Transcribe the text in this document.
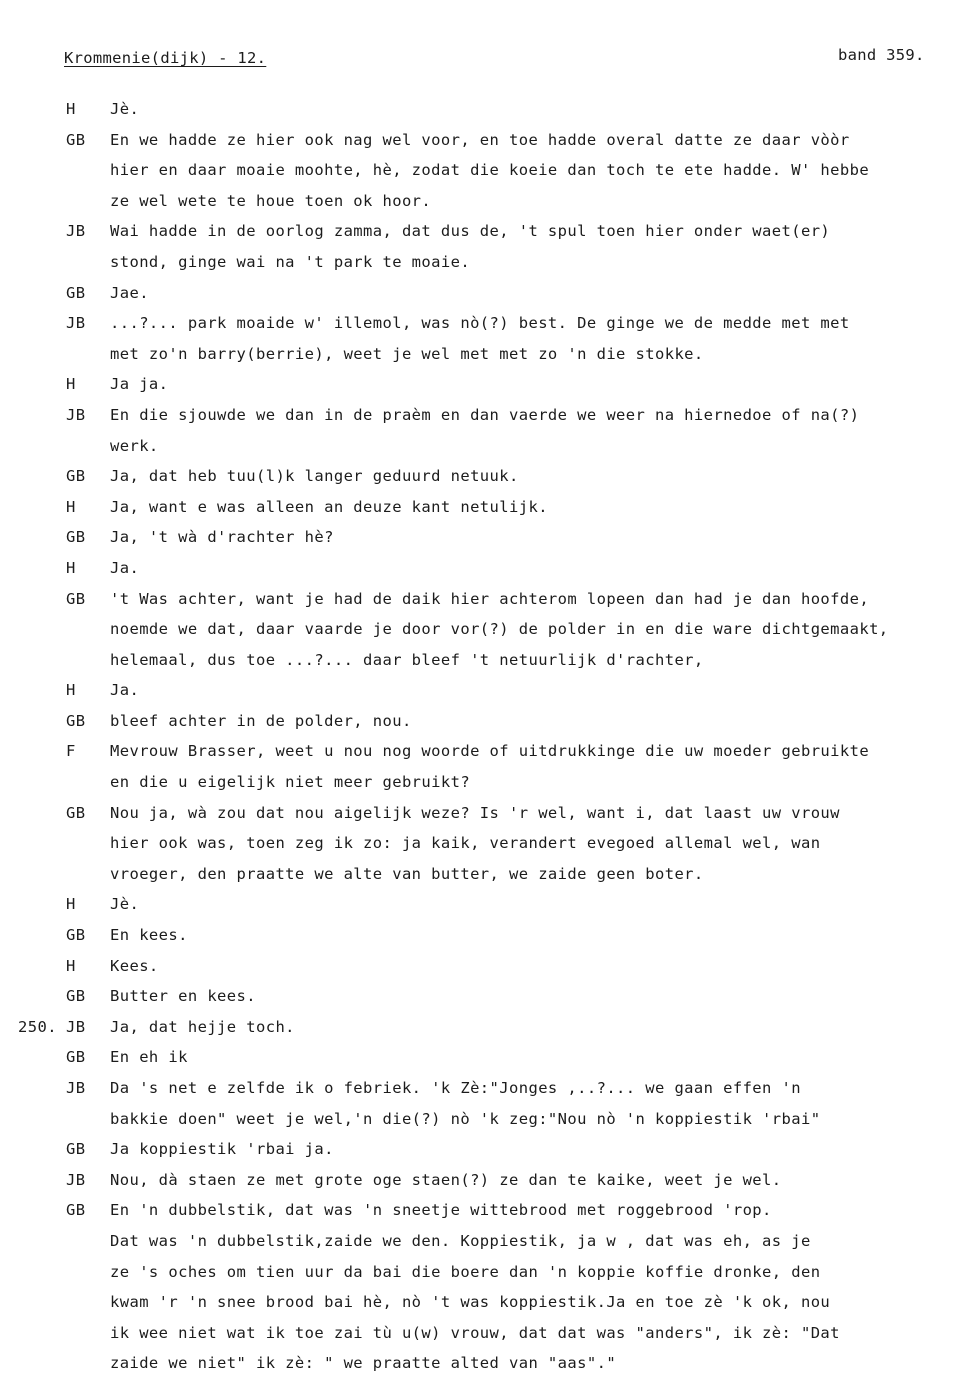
Krommenie(dijk) - 12.	band 359.
H Jè.
GB En we hadde ze hier ook nag wel voor, en toe hadde overal datte ze daar vòòr
hier en daar moaie moohte, hè, zodat die koeie dan toch te ete hadde. W' hebbe
ze wel wete te houe toen ok hoor.
JB Wai hadde in de oorlog zamma, dat dus de, 't spul toen hier onder waet(er)
stond, ginge wai na 't park te moaie.
GB Jae.
JB ...?... park moaide w' illemol, was nò(?) best. De ginge we de medde met met
met zo'n barry(berrie), weet je wel met met zo 'n die stokke.
H Ja ja.
JB En die sjouwde we dan in de praèm en dan vaerde we weer na hiernedoe of na(?)
werk.
GB Ja, dat heb tuu(l)k langer geduurd netuuk.
H Ja, want e was alleen an deuze kant netulijk.
GB Ja, 't wà d'rachter hè?
H Ja.
GB 't Was achter, want je had de daik hier achterom lopeen dan had je dan hoofde,
noemde we dat, daar vaarde je door vor(?) de polder in en die ware dichtgemaakt,
helemaal, dus toe ...?... daar bleef 't netuurlijk d'rachter,
H Ja.
GB bleef achter in de polder, nou.
F Mevrouw Brasser, weet u nou nog woorde of uitdrukkinge die uw moeder gebruikte
en die u eigelijk niet meer gebruikt?
GB Nou ja, wà zou dat nou aigelijk weze? Is 'r wel, want i, dat laast uw vrouw
hier ook was, toen zeg ik zo: ja kaik, verandert evegoed allemal wel, wan
vroeger, den praatte we alte van butter, we zaide geen boter.
H Jè.
GB En kees.
H Kees.
GB Butter en kees.
250. JB Ja, dat hejje toch.
GB En eh ik
JB Da 's net e zelfde ik o febriek. 'k Zè:"Jonges ,..?... we gaan effen 'n
bakkie doen" weet je wel,'n die(?) nò 'k zeg:"Nou nò 'n koppiestik 'rbai"
GB Ja koppiestik 'rbai ja.
JB Nou, dà staen ze met grote oge staen(?) ze dan te kaike, weet je wel.
GB En 'n dubbelstik, dat was 'n sneetje wittebrood met roggebrood 'rop.
Dat was 'n dubbelstik,zaide we den. Koppiestik, ja w , dat was eh, as je
ze 's oches om tien uur da bai die boere dan 'n koppie koffie dronke, den
kwam 'r 'n snee brood bai hè, nò 't was koppiestik.Ja en toe zè 'k ok, nou
ik wee niet wat ik toe zai tù u(w) vrouw, dat dat was "anders", ik zè: "Dat
zaide we niet" ik zè: " we praatte alted van "aas"."
